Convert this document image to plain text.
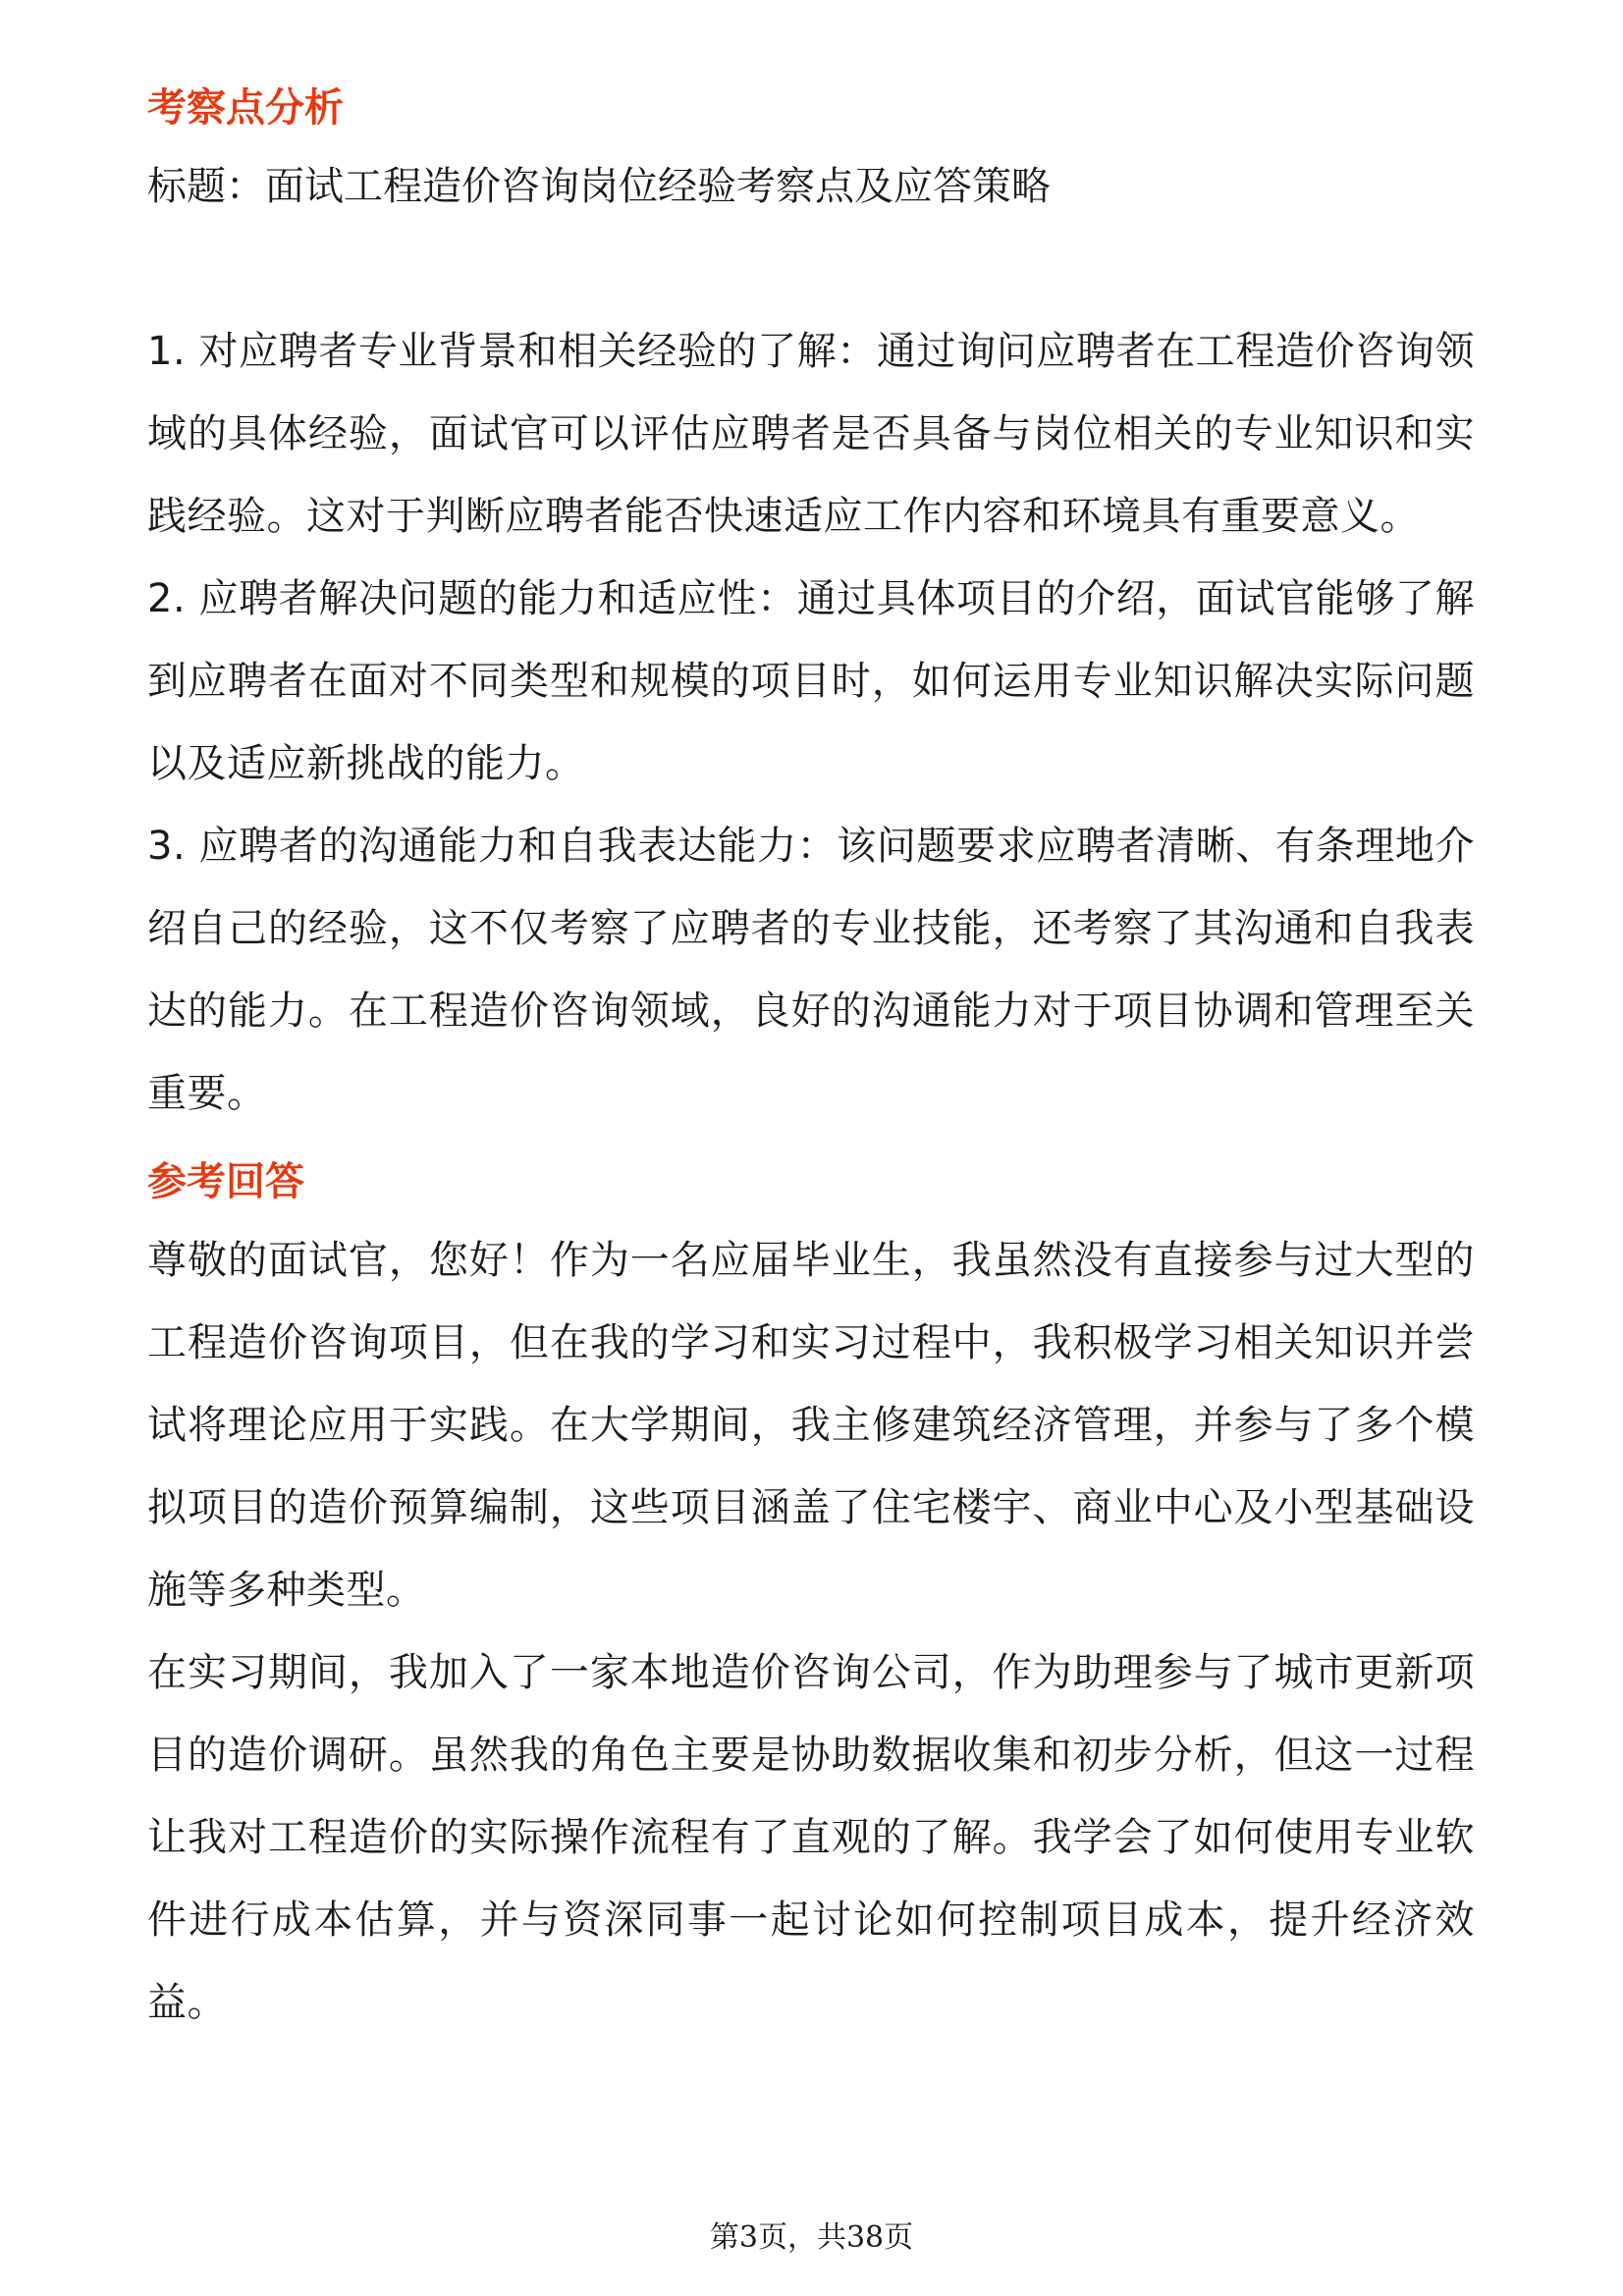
考察点分析

标题：面试工程造价咨询岗位经验考察点及应答策略

1. 对应聘者专业背景和相关经验的了解：通过询问应聘者在工程造价咨询领域的具体经验，面试官可以评估应聘者是否具备与岗位相关的专业知识和实践经验。这对于判断应聘者能否快速适应工作内容和环境具有重要意义。

2. 应聘者解决问题的能力和适应性：通过具体项目的介绍，面试官能够了解到应聘者在面对不同类型和规模的项目时，如何运用专业知识解决实际问题以及适应新挑战的能力。

3. 应聘者的沟通能力和自我表达能力：该问题要求应聘者清晰、有条理地介绍自己的经验，这不仅考察了应聘者的专业技能，还考察了其沟通和自我表达的能力。在工程造价咨询领域，良好的沟通能力对于项目协调和管理至关重要。

参考回答

尊敬的面试官，您好！作为一名应届毕业生，我虽然没有直接参与过大型的工程造价咨询项目，但在我的学习和实习过程中，我积极学习相关知识并尝试将理论应用于实践。在大学期间，我主修建筑经济管理，并参与了多个模拟项目的造价预算编制，这些项目涵盖了住宅楼宇、商业中心及小型基础设施等多种类型。

在实习期间，我加入了一家本地造价咨询公司，作为助理参与了城市更新项目的造价调研。虽然我的角色主要是协助数据收集和初步分析，但这一过程让我对工程造价的实际操作流程有了直观的了解。我学会了如何使用专业软件进行成本估算，并与资深同事一起讨论如何控制项目成本，提升经济效益。

第3页，共38页
